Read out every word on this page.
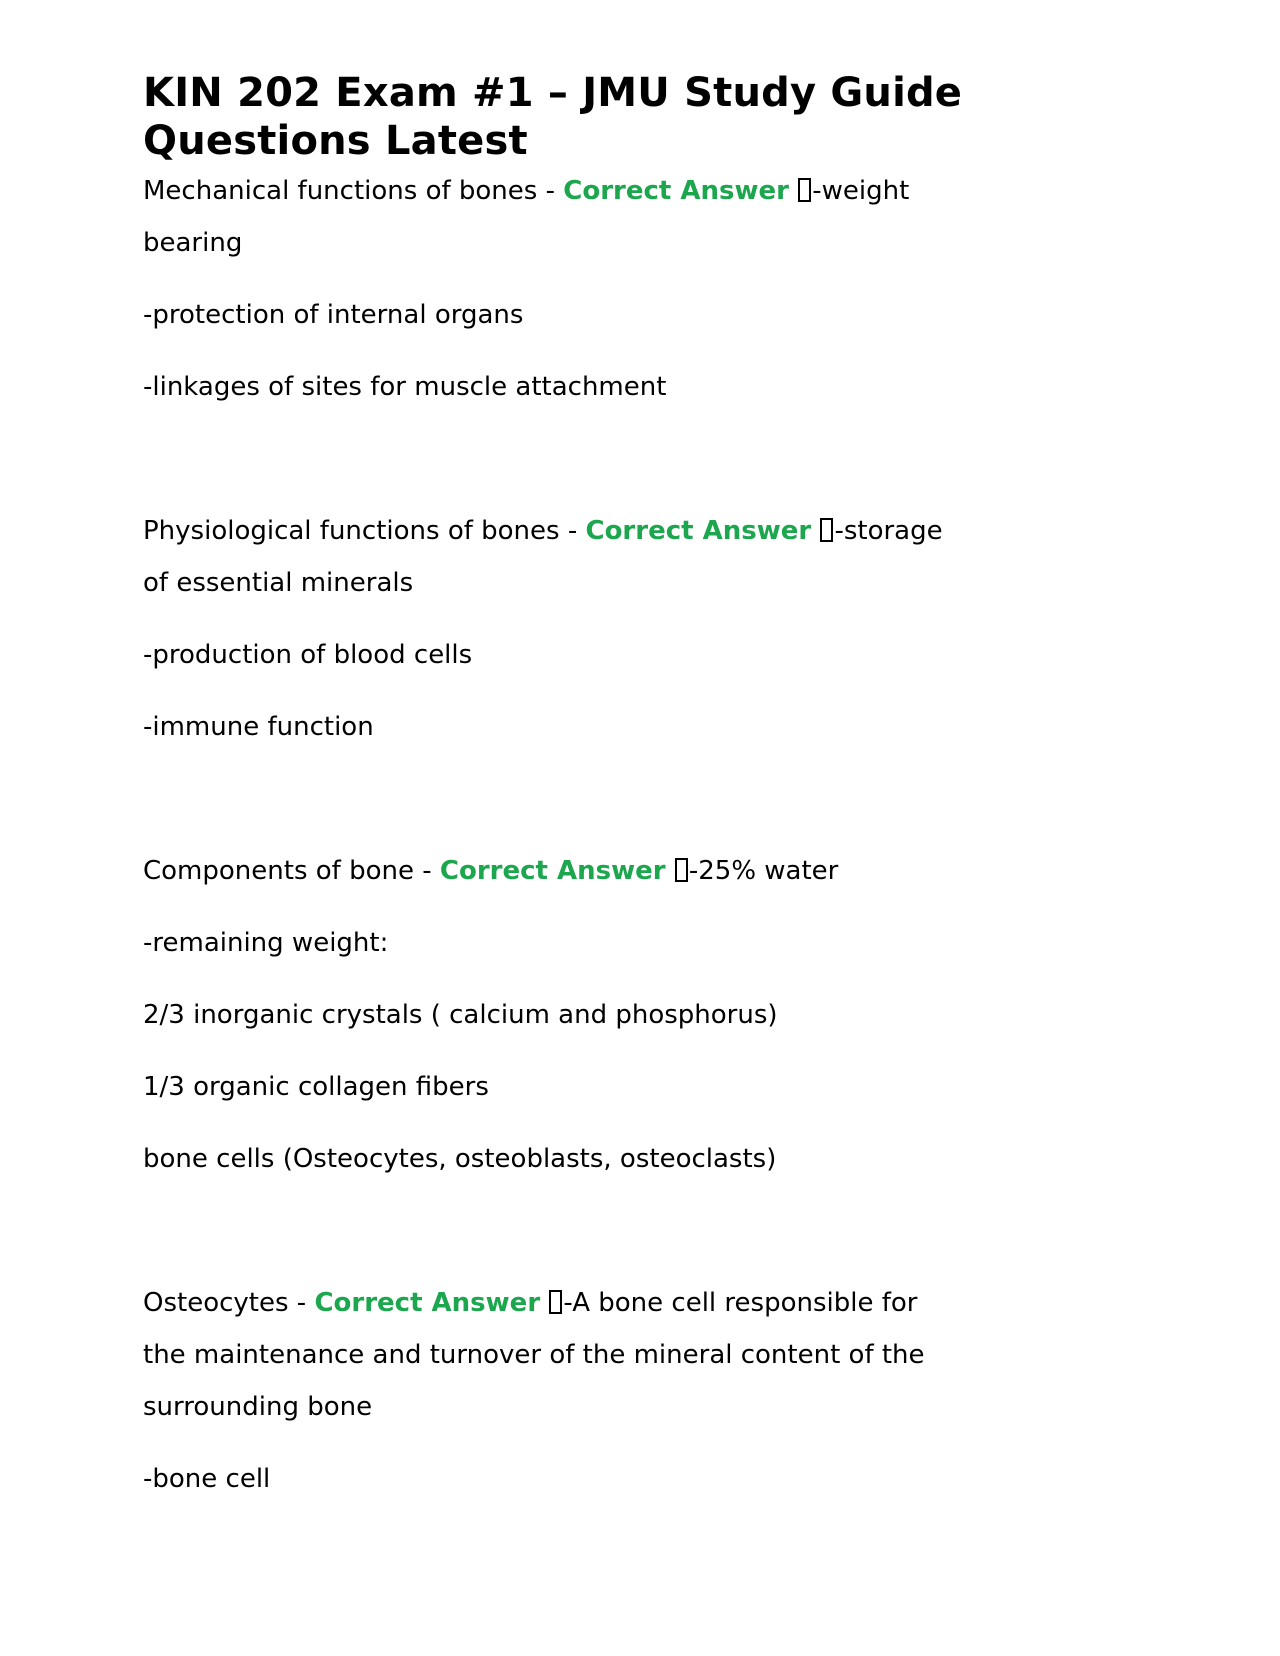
KIN 202 Exam #1 – JMU Study Guide
Questions Latest
Mechanical functions of bones - Correct Answer -weight
bearing
-protection of internal organs
-linkages of sites for muscle attachment
Physiological functions of bones - Correct Answer -storage
of essential minerals
-production of blood cells
-immune function
Components of bone - Correct Answer -25% water
-remaining weight:
2/3 inorganic crystals ( calcium and phosphorus)
1/3 organic collagen fibers
bone cells (Osteocytes, osteoblasts, osteoclasts)
Osteocytes - Correct Answer -A bone cell responsible for
the maintenance and turnover of the mineral content of the
surrounding bone
-bone cell
